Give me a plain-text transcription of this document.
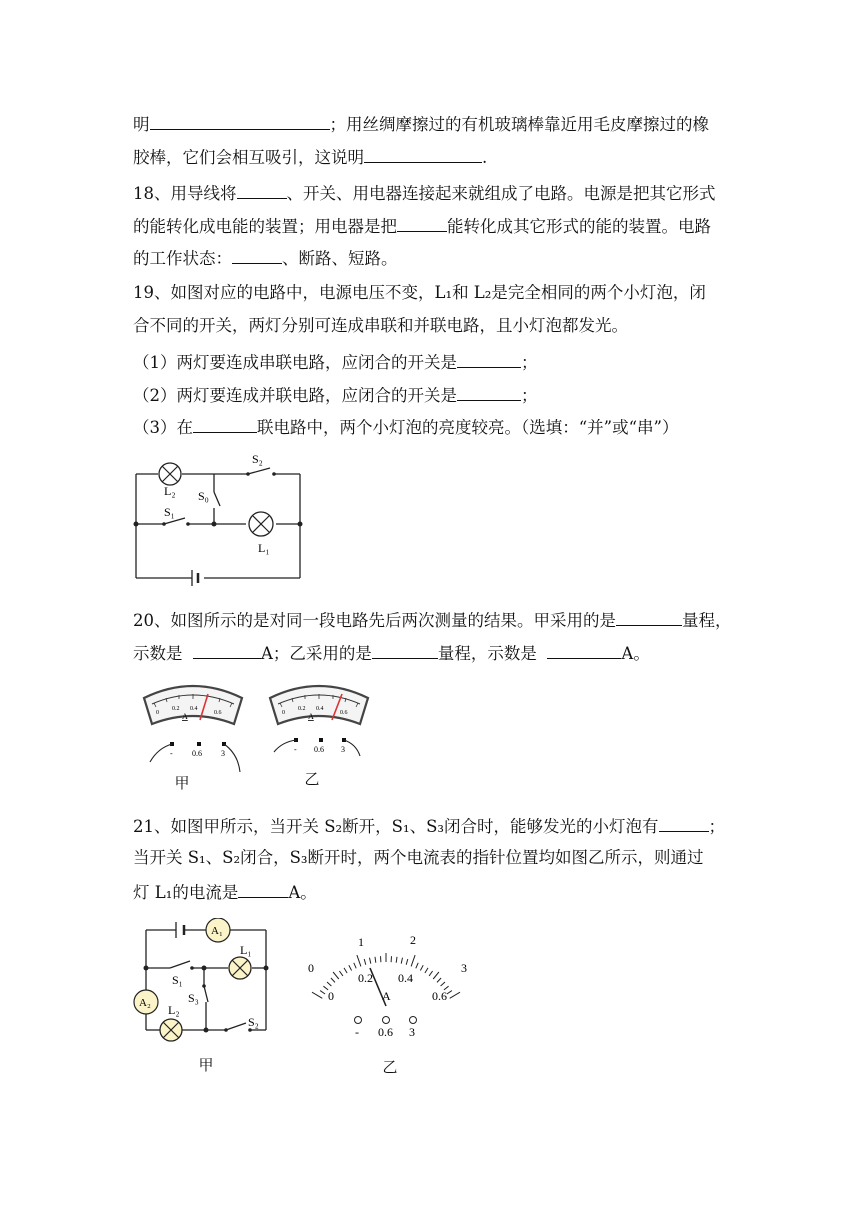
明	；用丝绸摩擦过的有机玻璃棒靠近用毛皮摩擦过的橡
胶棒，它们会相互吸引，这说明	.
18、用导线将	、开关、用电器连接起来就组成了电路。电源是把其它形式
的能转化成电能的装置；用电器是把	能转化成其它形式的能的装置。电路
的工作状态：	、断路、短路。
19、如图对应的电路中，电源电压不变，L₁和 L₂是完全相同的两个小灯泡，闭
合不同的开关，两灯分别可连成串联和并联电路，且小灯泡都发光。
（1）两灯要连成串联电路，应闭合的开关是	；
（2）两灯要连成并联电路，应闭合的开关是	；
（3）在	联电路中，两个小灯泡的亮度较亮。（选填：“并”或“串”）
L₂
L₁
S₂
S₀
S₁
20、如图所示的是对同一段电路先后两次测量的结果。甲采用的是	量程，
示数是	A；乙采用的是	量程，示数是	A。
0
0.2 0.4
0.6
A
- 0.6 3
甲
0
0.2 0.4
0.6
A
- 0.6 3
乙
21、如图甲所示，当开关 S₂断开，S₁、S₃闭合时，能够发光的小灯泡有	；
当开关 S₁、S₂闭合，S₃断开时，两个电流表的指针位置均如图乙所示，则通过
灯 L₁的电流是	A。
A₁
A₂
L₁
L₂
S₁
S₃
S₂
甲
0
1	2
3
0
0.2 0.4
0.6
A
- 0.6 3
乙
